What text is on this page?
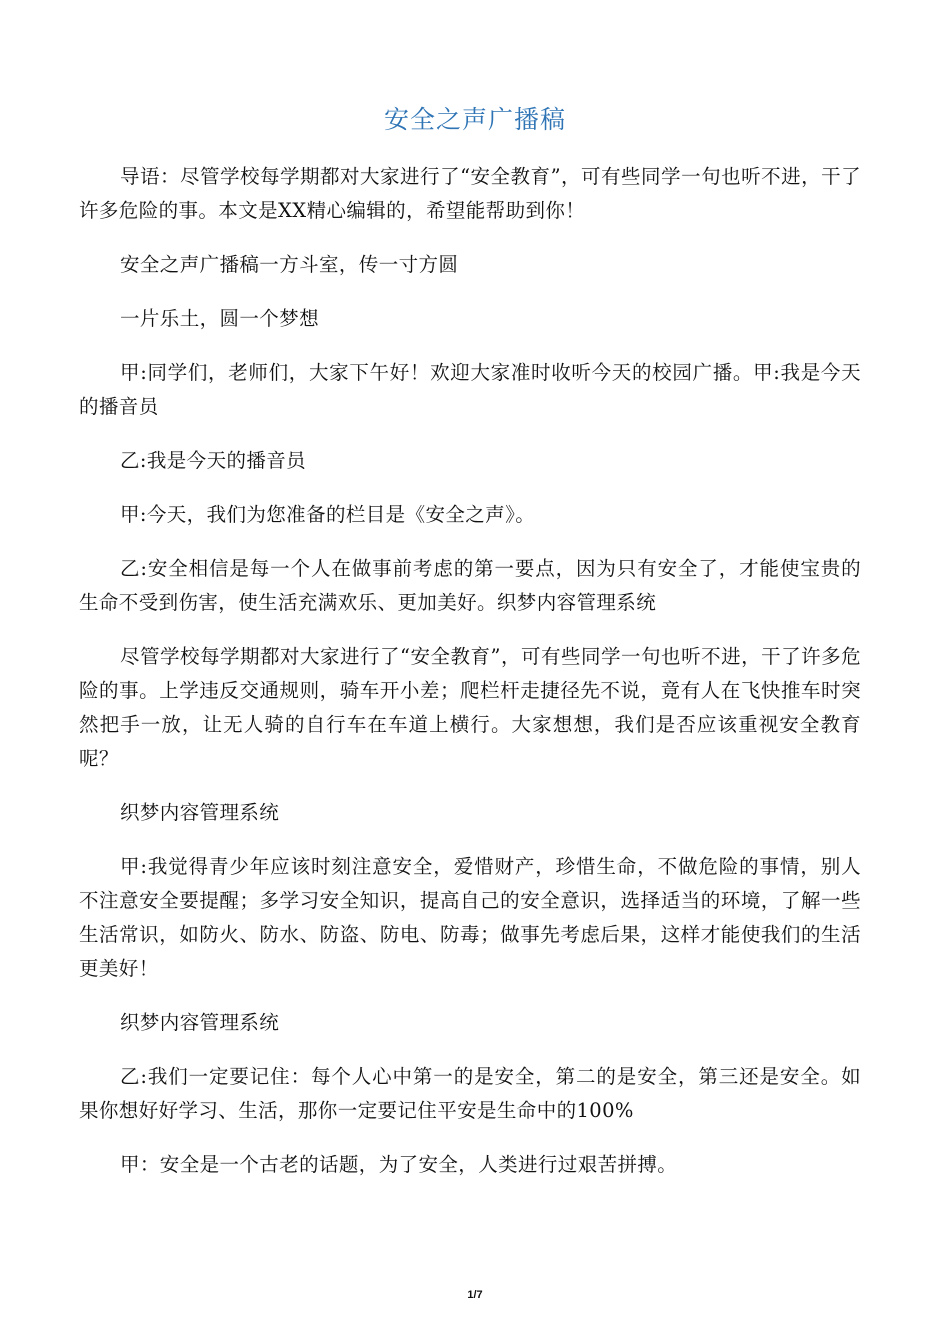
安全之声广播稿

导语：尽管学校每学期都对大家进行了“安全教育”，可有些同学一句也听不进，干了许多危险的事。本文是XX精心编辑的，希望能帮助到你！

安全之声广播稿一方斗室，传一寸方圆

一片乐土，圆一个梦想

甲:同学们，老师们，大家下午好！欢迎大家准时收听今天的校园广播。甲:我是今天的播音员

乙:我是今天的播音员

甲:今天，我们为您准备的栏目是《安全之声》。

乙:安全相信是每一个人在做事前考虑的第一要点，因为只有安全了，才能使宝贵的生命不受到伤害，使生活充满欢乐、更加美好。织梦内容管理系统

尽管学校每学期都对大家进行了“安全教育”，可有些同学一句也听不进，干了许多危险的事。上学违反交通规则，骑车开小差；爬栏杆走捷径先不说，竟有人在飞快推车时突然把手一放，让无人骑的自行车在车道上横行。大家想想，我们是否应该重视安全教育呢？

织梦内容管理系统

甲:我觉得青少年应该时刻注意安全，爱惜财产，珍惜生命，不做危险的事情，别人不注意安全要提醒；多学习安全知识，提高自己的安全意识，选择适当的环境，了解一些生活常识，如防火、防水、防盗、防电、防毒；做事先考虑后果，这样才能使我们的生活更美好！

织梦内容管理系统

乙:我们一定要记住：每个人心中第一的是安全，第二的是安全，第三还是安全。如果你想好好学习、生活，那你一定要记住平安是生命中的100%

甲：安全是一个古老的话题，为了安全，人类进行过艰苦拼搏。

1/7
